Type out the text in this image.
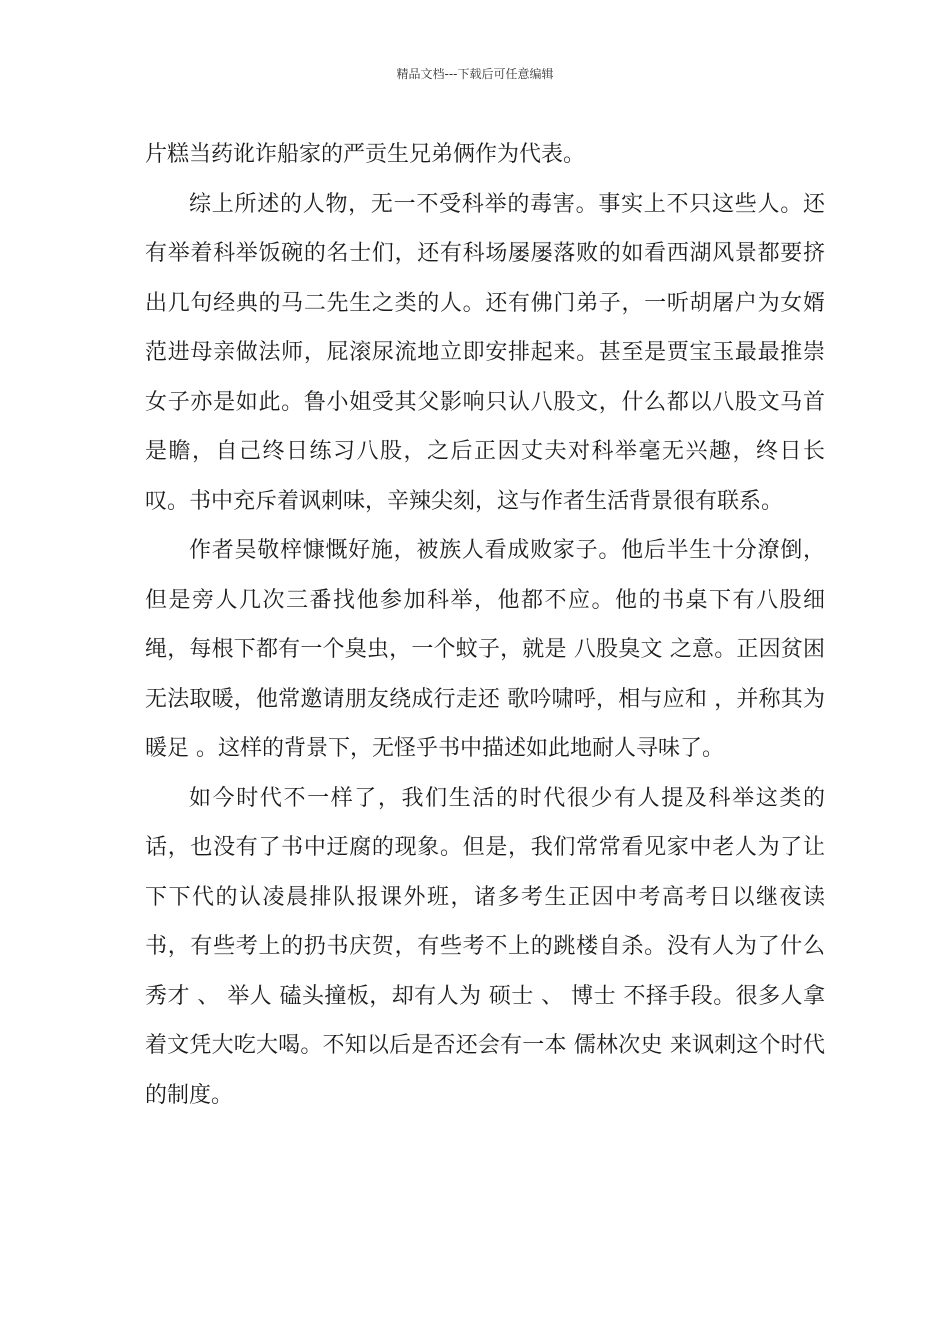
精品文档---下载后可任意编辑

片糕当药讹诈船家的严贡生兄弟俩作为代表。

综上所述的人物，无一不受科举的毒害。事实上不只这些人。还有举着科举饭碗的名士们，还有科场屡屡落败的如看西湖风景都要挤出几句经典的马二先生之类的人。还有佛门弟子，一听胡屠户为女婿范进母亲做法师，屁滚尿流地立即安排起来。甚至是贾宝玉最最推崇女子亦是如此。鲁小姐受其父影响只认八股文，什么都以八股文马首是瞻，自己终日练习八股，之后正因丈夫对科举毫无兴趣，终日长叹。书中充斥着讽刺味，辛辣尖刻，这与作者生活背景很有联系。

作者吴敬梓慷慨好施，被族人看成败家子。他后半生十分潦倒，但是旁人几次三番找他参加科举，他都不应。他的书桌下有八股细绳，每根下都有一个臭虫，一个蚊子，就是 八股臭文 之意。正因贫困无法取暖，他常邀请朋友绕成行走还 歌吟啸呼，相与应和 ，并称其为 暖足 。这样的背景下，无怪乎书中描述如此地耐人寻味了。

如今时代不一样了，我们生活的时代很少有人提及科举这类的话，也没有了书中迂腐的现象。但是，我们常常看见家中老人为了让下下代的认凌晨排队报课外班，诸多考生正因中考高考日以继夜读书，有些考上的扔书庆贺，有些考不上的跳楼自杀。没有人为了什么 秀才 、 举人 磕头撞板，却有人为 硕士 、 博士 不择手段。很多人拿着文凭大吃大喝。不知以后是否还会有一本 儒林次史 来讽刺这个时代的制度。
